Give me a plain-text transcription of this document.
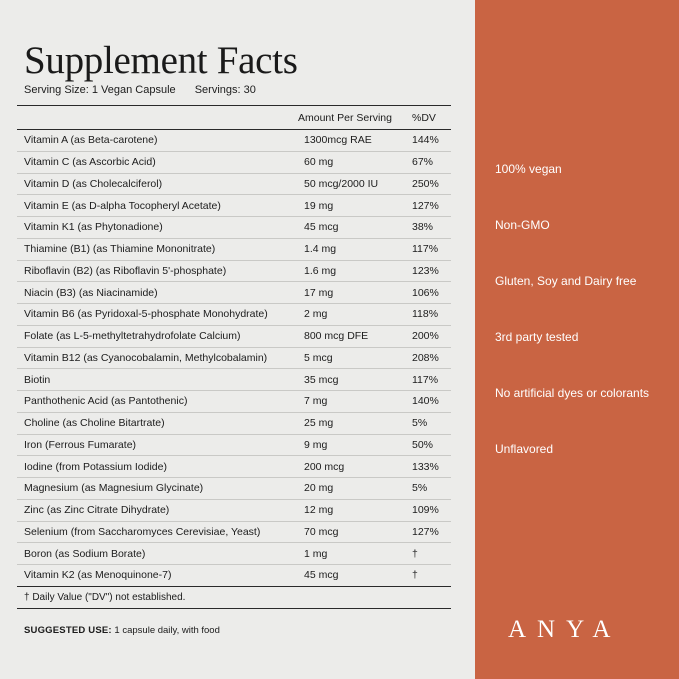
Supplement Facts
Serving Size: 1 Vegan Capsule Servings: 30
Amount Per Serving	%DV
Vitamin A (as Beta-carotene)	1300mcg RAE	144%
Vitamin C (as Ascorbic Acid)	60 mg	67%
Vitamin D (as Cholecalciferol)	50 mcg/2000 IU	250%
Vitamin E (as D-alpha Tocopheryl Acetate)	19 mg	127%
Vitamin K1 (as Phytonadione)	45 mcg	38%
Thiamine (B1) (as Thiamine Mononitrate)	1.4 mg	117%
Riboflavin (B2) (as Riboflavin 5'-phosphate)	1.6 mg	123%
Niacin (B3) (as Niacinamide)	17 mg	106%
Vitamin B6 (as Pyridoxal-5-phosphate Monohydrate)	2 mg	118%
Folate (as L-5-methyltetrahydrofolate Calcium)	800 mcg DFE	200%
Vitamin B12 (as Cyanocobalamin, Methylcobalamin)	5 mcg	208%
Biotin	35 mcg	117%
Panthothenic Acid (as Pantothenic)	7 mg	140%
Choline (as Choline Bitartrate)	25 mg	5%
Iron (Ferrous Fumarate)	9 mg	50%
Iodine (from Potassium Iodide)	200 mcg	133%
Magnesium (as Magnesium Glycinate)	20 mg	5%
Zinc (as Zinc Citrate Dihydrate)	12 mg	109%
Selenium (from Saccharomyces Cerevisiae, Yeast)	70 mcg	127%
Boron (as Sodium Borate)	1 mg	†
Vitamin K2 (as Menoquinone-7)	45 mcg	†
† Daily Value ("DV") not established.
SUGGESTED USE: 1 capsule daily, with food
100% vegan
Non-GMO
Gluten, Soy and Dairy free
3rd party tested
No artificial dyes or colorants
Unflavored
ANYA
